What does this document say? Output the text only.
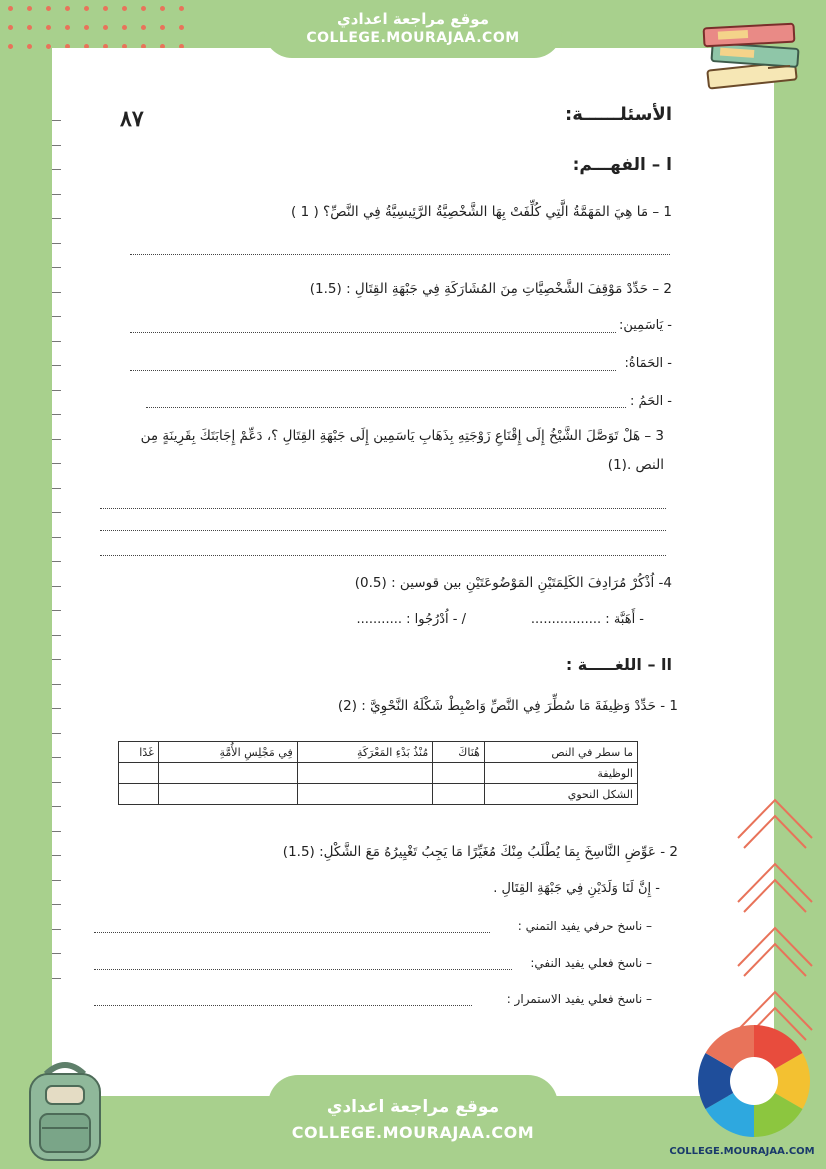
موقع مراجعة اعدادي
COLLEGE.MOURAJAA.COM
٨٧	الأسئلــــــة:
ا – الفهـــم:
1 – مَا هِيَ المَهَمَّةُ الَّتِي كُلِّفَتْ بِهَا الشَّخْصِيَّةُ الرَّئِيسِيَّةُ فِي النَّصِّ؟ ( 1 )
2 – حَدِّدْ مَوْقِفَ الشَّخْصِيَّاتِ مِنَ المُشَارَكَةِ فِي جَبْهَةِ القِتَالِ : (1.5)
- يَاسَمِين:
- الحَمَاةُ:
- الحَمُ :
3 – هَلْ تَوَصَّلَ الشَّيْخُ إِلَى إِقْنَاعِ زَوْجَتِهِ بِذَهَابِ يَاسَمِين إِلَى جَبْهَةِ القِتَالِ ؟، دَعِّمْ إِجَابَتَكَ بِقَرِينَةٍ مِن
النص .(1)
4- اُذْكُرْ مُرَادِفَ الكَلِمَتَيْنِ المَوْضُوعَتَيْنِ بين قوسين : (0.5)
- أَهَبَّة : .................
/ - اُدْرُجُوا : ...........
اا – اللغـــــة :
1 - حَدِّدْ وَظِيفَةَ مَا سُطِّرَ فِي النَّصِّ وَاضْبِطْ شَكْلَهُ النَّحْوِيَّ : (2)
ما سطر في النص	هُنَاكَ	مُنْذُ بَدْءِ المَعْرَكَةِ	فِي مَجْلِسِ الأُمَّةِ	غَدًا
الوظيفة				
الشكل النحوي				
2 - عَوِّضِ النَّاسِخَ بِمَا يُطْلَبُ مِنْكَ مُغَيِّرًا مَا يَجِبُ تَغْيِيرُهُ مَعَ الشَّكْلِ: (1.5)
- إِنَّ لَنَا وَلَدَيْنِ فِي جَبْهَةِ القِتَالِ .
– ناسخ حرفي يفيد التمني :
– ناسخ فعلي يفيد النفي:
– ناسخ فعلي يفيد الاستمرار :
موقع مراجعة اعدادي
COLLEGE.MOURAJAA.COM
COLLEGE.MOURAJAA.COM
